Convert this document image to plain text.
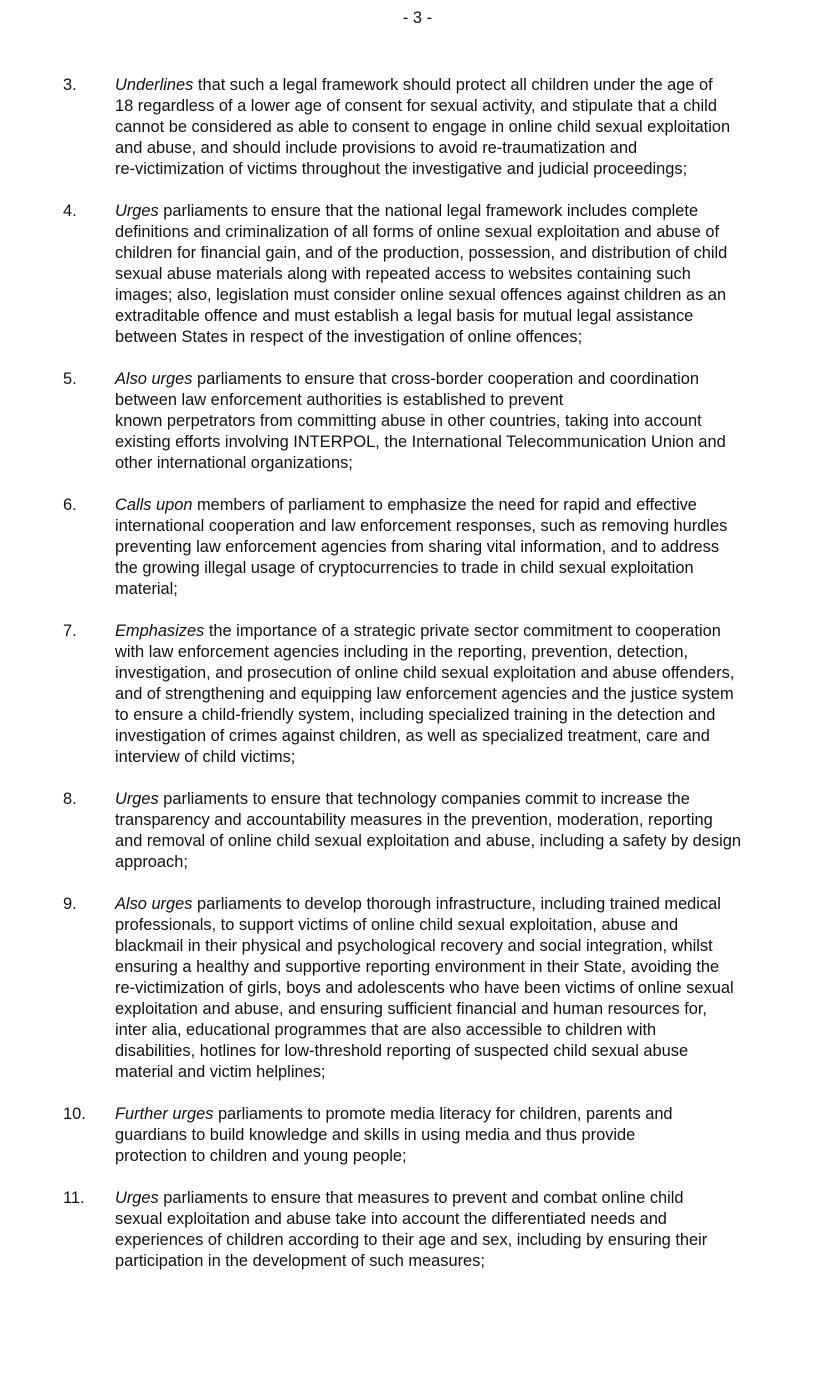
- 3 -
3.	Underlines that such a legal framework should protect all children under the age of
18 regardless of a lower age of consent for sexual activity, and stipulate that a child
cannot be considered as able to consent to engage in online child sexual exploitation
and abuse, and should include provisions to avoid re-traumatization and
re-victimization of victims throughout the investigative and judicial proceedings;
4.	Urges parliaments to ensure that the national legal framework includes complete
definitions and criminalization of all forms of online sexual exploitation and abuse of
children for financial gain, and of the production, possession, and distribution of child
sexual abuse materials along with repeated access to websites containing such
images; also, legislation must consider online sexual offences against children as an
extraditable offence and must establish a legal basis for mutual legal assistance
between States in respect of the investigation of online offences;
5.	Also urges parliaments to ensure that cross-border cooperation and coordination
between law enforcement authorities is established to prevent
known perpetrators from committing abuse in other countries, taking into account
existing efforts involving INTERPOL, the International Telecommunication Union and
other international organizations;
6.	Calls upon members of parliament to emphasize the need for rapid and effective
international cooperation and law enforcement responses, such as removing hurdles
preventing law enforcement agencies from sharing vital information, and to address
the growing illegal usage of cryptocurrencies to trade in child sexual exploitation
material;
7.	Emphasizes the importance of a strategic private sector commitment to cooperation
with law enforcement agencies including in the reporting, prevention, detection,
investigation, and prosecution of online child sexual exploitation and abuse offenders,
and of strengthening and equipping law enforcement agencies and the justice system
to ensure a child-friendly system, including specialized training in the detection and
investigation of crimes against children, as well as specialized treatment, care and
interview of child victims;
8.	Urges parliaments to ensure that technology companies commit to increase the
transparency and accountability measures in the prevention, moderation, reporting
and removal of online child sexual exploitation and abuse, including a safety by design
approach;
9.	Also urges parliaments to develop thorough infrastructure, including trained medical
professionals, to support victims of online child sexual exploitation, abuse and
blackmail in their physical and psychological recovery and social integration, whilst
ensuring a healthy and supportive reporting environment in their State, avoiding the
re-victimization of girls, boys and adolescents who have been victims of online sexual
exploitation and abuse, and ensuring sufficient financial and human resources for,
inter alia, educational programmes that are also accessible to children with
disabilities, hotlines for low-threshold reporting of suspected child sexual abuse
material and victim helplines;
10.	Further urges parliaments to promote media literacy for children, parents and
guardians to build knowledge and skills in using media and thus provide
protection to children and young people;
11.	Urges parliaments to ensure that measures to prevent and combat online child
sexual exploitation and abuse take into account the differentiated needs and
experiences of children according to their age and sex, including by ensuring their
participation in the development of such measures;
